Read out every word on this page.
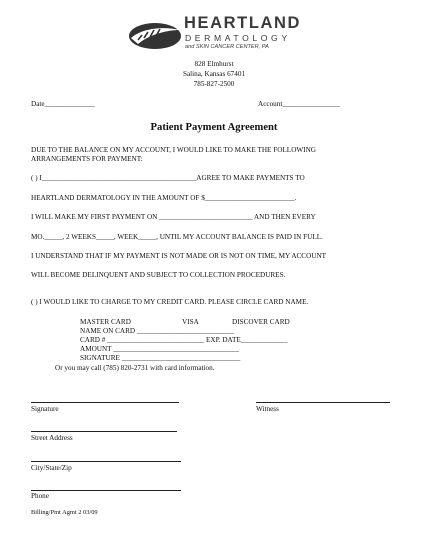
HEARTLAND
DERMATOLOGY
and SKIN CANCER CENTER, PA
828 Elmhurst
Salina, Kansas 67401
785-827-2500
Date______________	Account________________
Patient Payment Agreement
DUE TO THE BALANCE ON MY ACCOUNT, I WOULD LIKE TO MAKE THE FOLLOWING
ARRANGEMENTS FOR PAYMENT:
( ) I___________________________________________AGREE TO MAKE PAYMENTS TO
HEARTLAND DERMATOLOGY IN THE AMOUNT OF $_________________________.
I WILL MAKE MY FIRST PAYMENT ON __________________________ AND THEN EVERY
MO._____, 2 WEEKS_____, WEEK_____, UNTIL MY ACCOUNT BALANCE IS PAID IN FULL.
I UNDERSTAND THAT IF MY PAYMENT IS NOT MADE OR IS NOT ON TIME, MY ACCOUNT
WILL BECOME DELINQUENT AND SUBJECT TO COLLECTION PROCEDURES.
( ) I WOULD LIKE TO CHARGE TO MY CREDIT CARD. PLEASE CIRCLE CARD NAME.
MASTER CARD	VISA	DISCOVER CARD
NAME ON CARD ___________________________
CARD # ___________________________ EXP. DATE_____________
AMOUNT ___________________________________
SIGNATURE _________________________________
Or you may call (785) 820-2731 with card information.
Signature	Witness
Street Address
City/State/Zip
Phone
Billing/Pmt Agmt 2 03/09
